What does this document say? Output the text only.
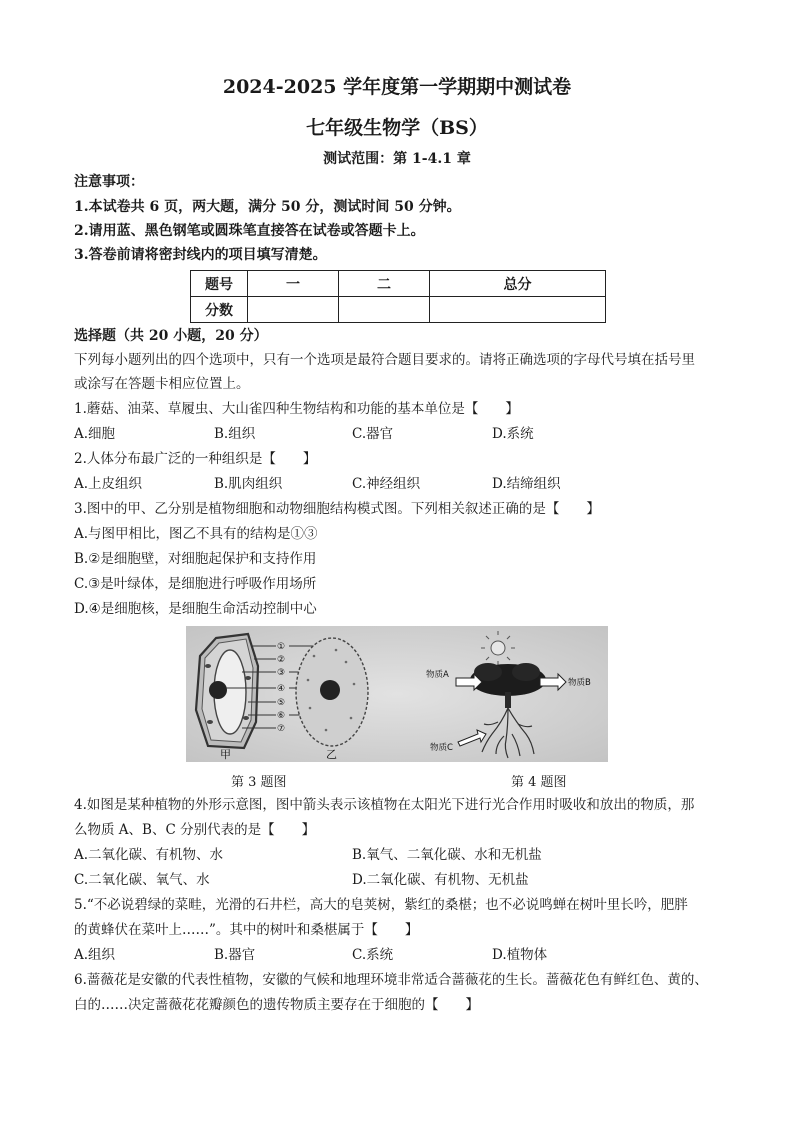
2024-2025 学年度第一学期期中测试卷
七年级生物学（BS）
测试范围：第 1-4.1 章
注意事项：
1.本试卷共 6 页，两大题，满分 50 分，测试时间 50 分钟。
2.请用蓝、黑色钢笔或圆珠笔直接答在试卷或答题卡上。
3.答卷前请将密封线内的项目填写清楚。
题号	一	二	总分
分数			
选择题（共 20 小题，20 分）
下列每小题列出的四个选项中，只有一个选项是最符合题目要求的。请将正确选项的字母代号填在括号里
或涂写在答题卡相应位置上。
1.蘑菇、油菜、草履虫、大山雀四种生物结构和功能的基本单位是【　　】
A.细胞	B.组织	C.器官	D.系统
2.人体分布最广泛的一种组织是【　　】
A.上皮组织	B.肌肉组织	C.神经组织	D.结缔组织
3.图中的甲、乙分别是植物细胞和动物细胞结构模式图。下列相关叙述正确的是【　　】
A.与图甲相比，图乙不具有的结构是①③
B.②是细胞壁，对细胞起保护和支持作用
C.③是叶绿体，是细胞进行呼吸作用场所
D.④是细胞核，是细胞生命活动控制中心
①
②
③
④
⑤
⑥
⑦
甲	乙
物质A
物质B
物质C
第 3 题图	第 4 题图
4.如图是某种植物的外形示意图，图中箭头表示该植物在太阳光下进行光合作用时吸收和放出的物质，那
么物质 A、B、C 分别代表的是【　　】
A.二氧化碳、有机物、水	B.氧气、二氧化碳、水和无机盐
C.二氧化碳、氧气、水	D.二氧化碳、有机物、无机盐
5.“不必说碧绿的菜畦，光滑的石井栏，高大的皂荚树，紫红的桑椹；也不必说鸣蝉在树叶里长吟，肥胖
的黄蜂伏在菜叶上……”。其中的树叶和桑椹属于【　　】
A.组织	B.器官	C.系统	D.植物体
6.蔷薇花是安徽的代表性植物，安徽的气候和地理环境非常适合蔷薇花的生长。蔷薇花色有鲜红色、黄的、
白的……决定蔷薇花花瓣颜色的遗传物质主要存在于细胞的【　　】
